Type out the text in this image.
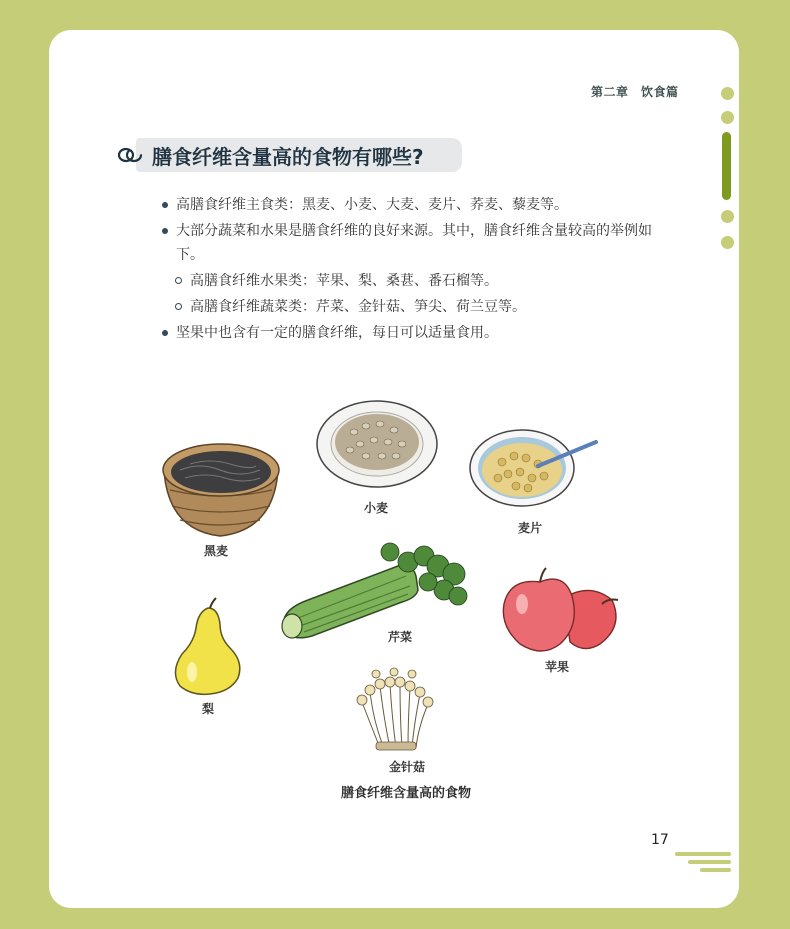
第二章　饮食篇
膳食纤维含量高的食物有哪些?
高膳食纤维主食类：黑麦、小麦、大麦、麦片、荞麦、藜麦等。
大部分蔬菜和水果是膳食纤维的良好来源。其中，膳食纤维含量较高的举例如下。
高膳食纤维水果类：苹果、梨、桑葚、番石榴等。
高膳食纤维蔬菜类：芹菜、金针菇、笋尖、荷兰豆等。
坚果中也含有一定的膳食纤维，每日可以适量食用。
黑麦
小麦
麦片
芹菜
苹果
梨
金针菇
膳食纤维含量高的食物
17
